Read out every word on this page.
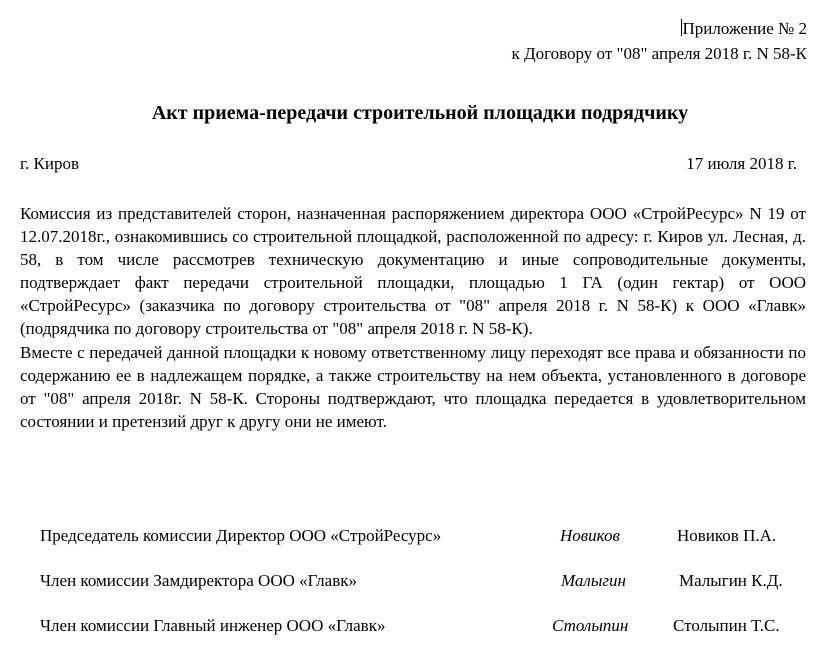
Приложение № 2
к Договору от "08" апреля 2018 г. N 58-К
Акт приема-передачи строительной площадки подрядчику
г. Киров	17 июля 2018 г.

Комиссия из представителей сторон, назначенная распоряжением директора ООО «СтройРесурс» N 19 от 12.07.2018г., ознакомившись со строительной площадкой, расположенной по адресу: г. Киров ул. Лесная, д. 58, в том числе рассмотрев техническую документацию и иные сопроводительные документы, подтверждает факт передачи строительной площадки, площадью 1 ГА (один гектар) от ООО «СтройРесурс» (заказчика по договору строительства от "08" апреля 2018 г. N 58-К) к ООО «Главк» (подрядчика по договору строительства от "08" апреля 2018 г. N 58-К).

Вместе с передачей данной площадки к новому ответственному лицу переходят все права и обязанности по содержанию ее в надлежащем порядке, а также строительству на нем объекта, установленного в договоре от "08" апреля 2018г. N 58-К. Стороны подтверждают, что площадка передается в удовлетворительном состоянии и претензий друг к другу они не имеют.

Председатель комиссии Директор ООО «СтройРесурс»	Новиков	Новиков П.А.
Член комиссии Замдиректора ООО «Главк»	Малыгин	Малыгин К.Д.
Член комиссии Главный инженер ООО «Главк»	Столыпин	Столыпин Т.С.
